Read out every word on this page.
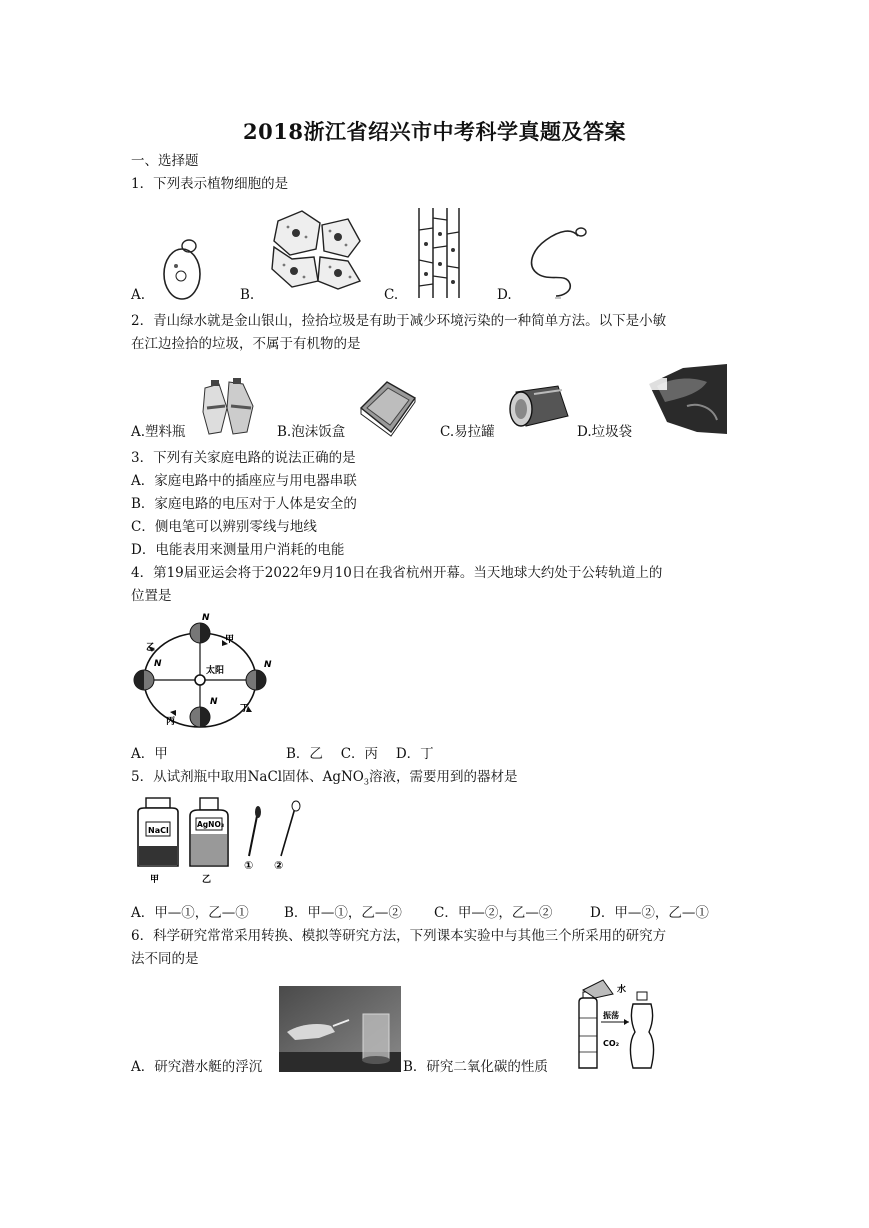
2018浙江省绍兴市中考科学真题及答案
一、选择题
1．下列表示植物细胞的是
A.	B.	C.	D.
2．青山绿水就是金山银山，捡拾垃圾是有助于减少环境污染的一种简单方法。以下是小敏
在江边捡拾的垃圾，不属于有机物的是
A.塑料瓶	B.泡沫饭盒	C.易拉罐	D.垃圾袋
3．下列有关家庭电路的说法正确的是
A．家庭电路中的插座应与用电器串联
B．家庭电路的电压对于人体是安全的
C．侧电笔可以辨别零线与地线
D．电能表用来测量用户消耗的电能
4．第19届亚运会将于2022年9月10日在我省杭州开幕。当天地球大约处于公转轨道上的
位置是
太阳
甲
乙
丙
丁
N
N	N
N
A．甲	B．乙　 C．丙　 D．丁
5．从试剂瓶中取用NaCl固体、AgNO$_3$溶液，需要用到的器材是
NaCl
AgNO₃
甲	乙
① ②
A．甲—①，乙—①	B．甲—①，乙—② C．甲—②，乙—②	D．甲—②，乙—①
6．科学研究常常采用转换、模拟等研究方法，下列课本实验中与其他三个所采用的研究方
法不同的是
水
振荡
CO₂
A．研究潜水艇的浮沉	B．研究二氧化碳的性质
